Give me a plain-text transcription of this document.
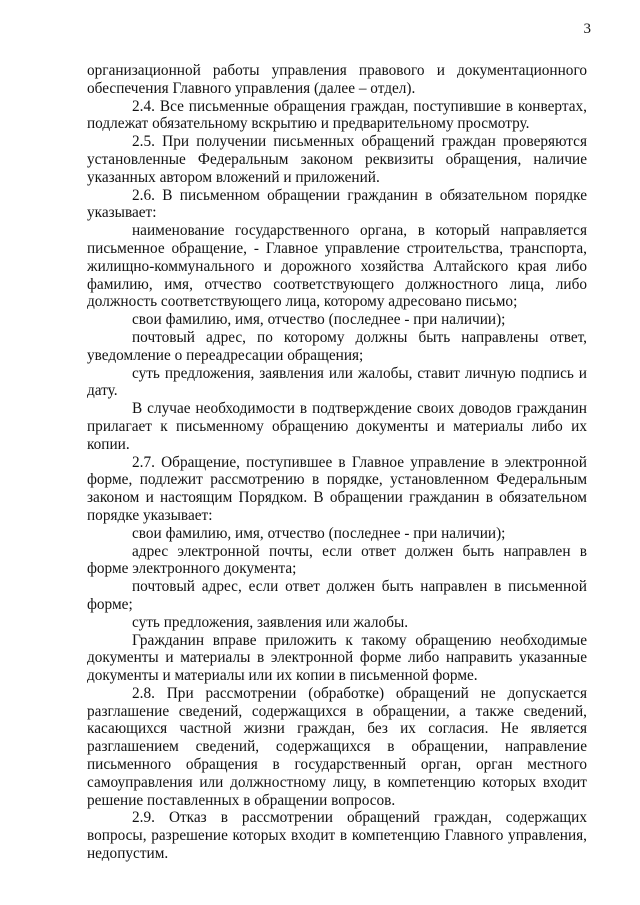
3

организационной работы управления правового и документационного обеспечения Главного управления (далее – отдел).

2.4. Все письменные обращения граждан, поступившие в конвертах, подлежат обязательному вскрытию и предварительному просмотру.

2.5. При получении письменных обращений граждан проверяются установленные Федеральным законом реквизиты обращения, наличие указанных автором вложений и приложений.

2.6. В письменном обращении гражданин в обязательном порядке указывает:

наименование государственного органа, в который направляется письменное обращение, - Главное управление строительства, транспорта, жилищно-коммунального и дорожного хозяйства Алтайского края либо фамилию, имя, отчество соответствующего должностного лица, либо должность соответствующего лица, которому адресовано письмо;

свои фамилию, имя, отчество (последнее - при наличии);

почтовый адрес, по которому должны быть направлены ответ, уведомление о переадресации обращения;

суть предложения, заявления или жалобы, ставит личную подпись и дату.

В случае необходимости в подтверждение своих доводов гражданин прилагает к письменному обращению документы и материалы либо их копии.

2.7. Обращение, поступившее в Главное управление в электронной форме, подлежит рассмотрению в порядке, установленном Федеральным законом и настоящим Порядком. В обращении гражданин в обязательном порядке указывает:

свои фамилию, имя, отчество (последнее - при наличии);

адрес электронной почты, если ответ должен быть направлен в форме электронного документа;

почтовый адрес, если ответ должен быть направлен в письменной форме;

суть предложения, заявления или жалобы.

Гражданин вправе приложить к такому обращению необходимые документы и материалы в электронной форме либо направить указанные документы и материалы или их копии в письменной форме.

2.8. При рассмотрении (обработке) обращений не допускается разглашение сведений, содержащихся в обращении, а также сведений, касающихся частной жизни граждан, без их согласия. Не является разглашением сведений, содержащихся в обращении, направление письменного обращения в государственный орган, орган местного самоуправления или должностному лицу, в компетенцию которых входит решение поставленных в обращении вопросов.

2.9. Отказ в рассмотрении обращений граждан, содержащих вопросы, разрешение которых входит в компетенцию Главного управления, недопустим.
